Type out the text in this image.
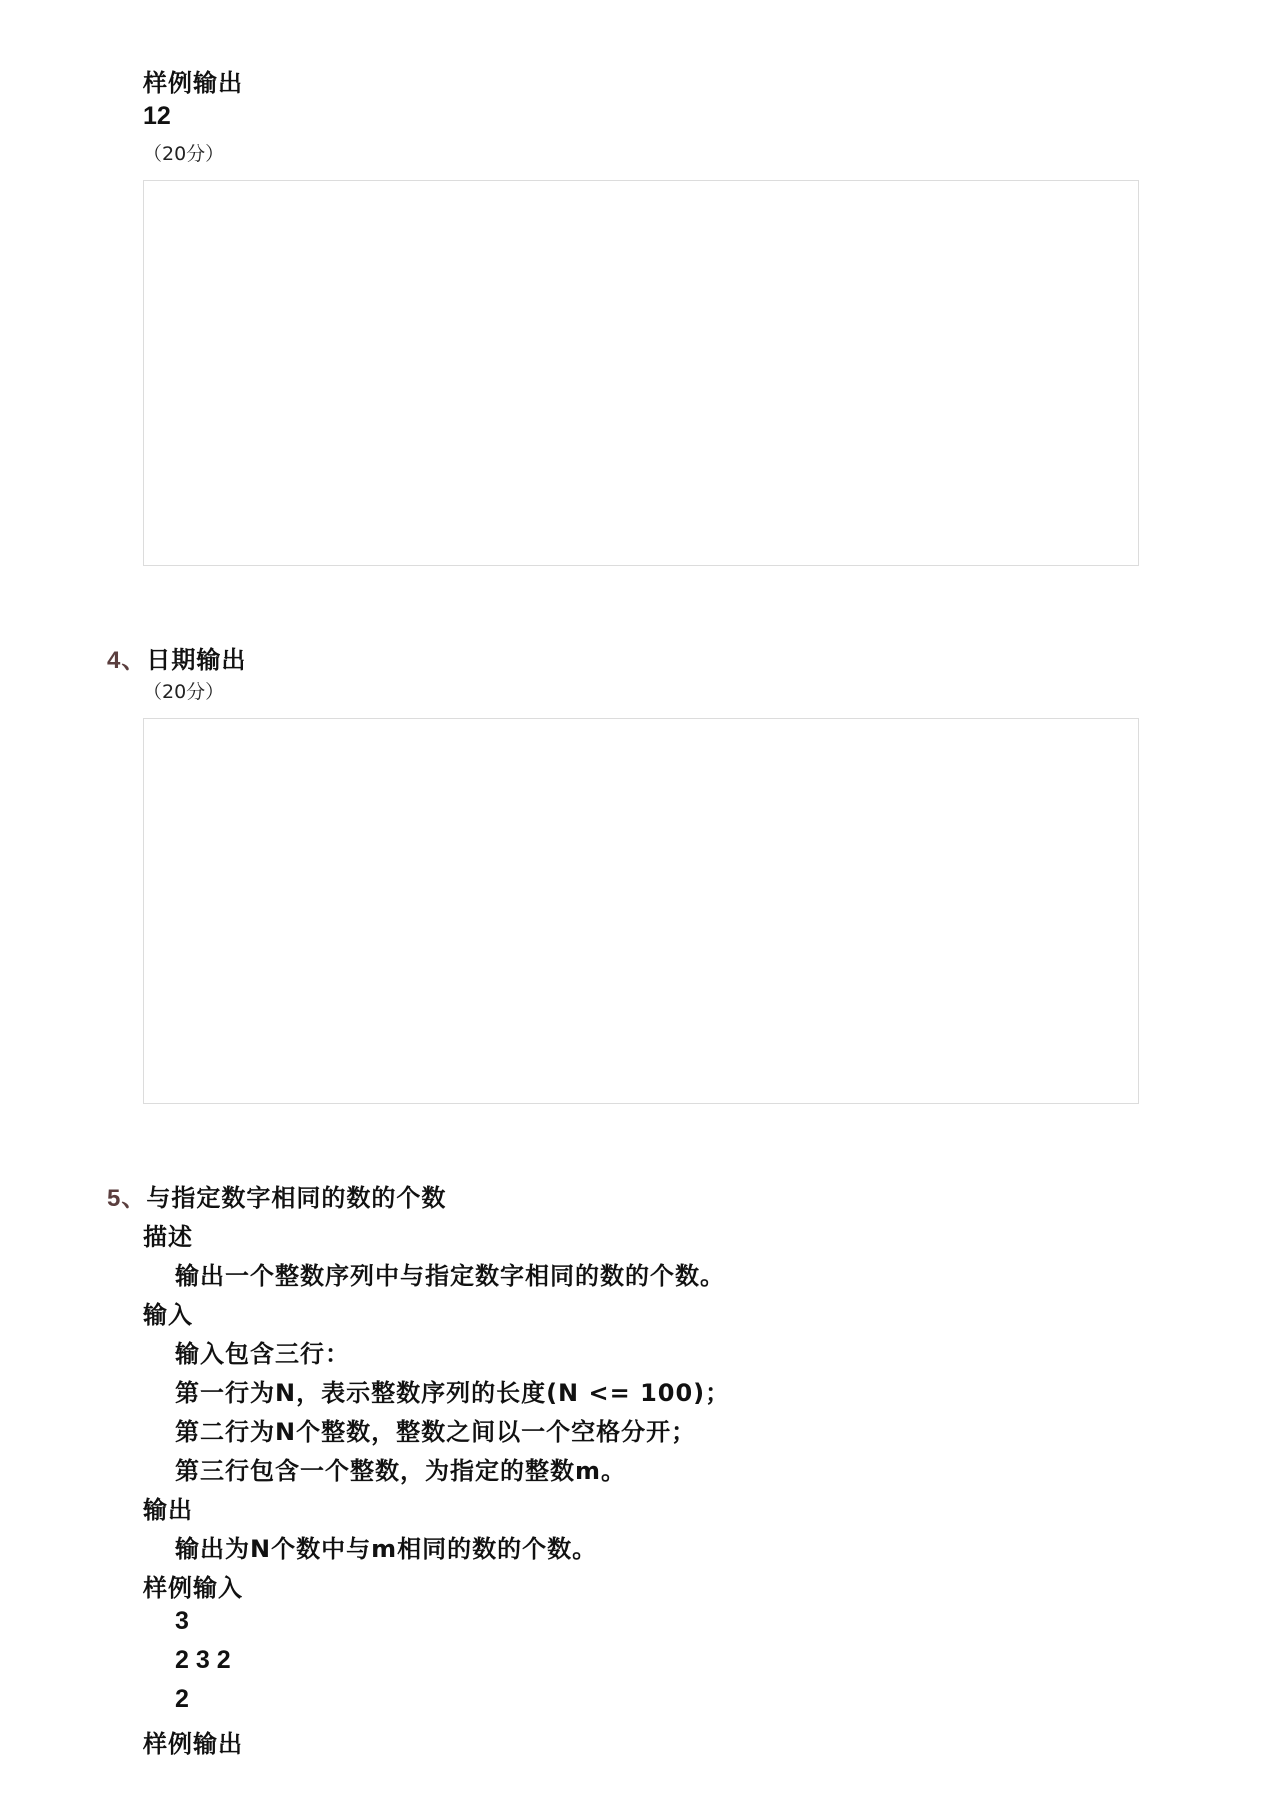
样例输出
12
（20分）
4、日期输出
（20分）
5、与指定数字相同的数的个数
描述
输出一个整数序列中与指定数字相同的数的个数。
输入
输入包含三行：
第一行为N，表示整数序列的长度(N <= 100)；
第二行为N个整数，整数之间以一个空格分开；
第三行包含一个整数，为指定的整数m。
输出
输出为N个数中与m相同的数的个数。
样例输入
3
2 3 2
2
样例输出
